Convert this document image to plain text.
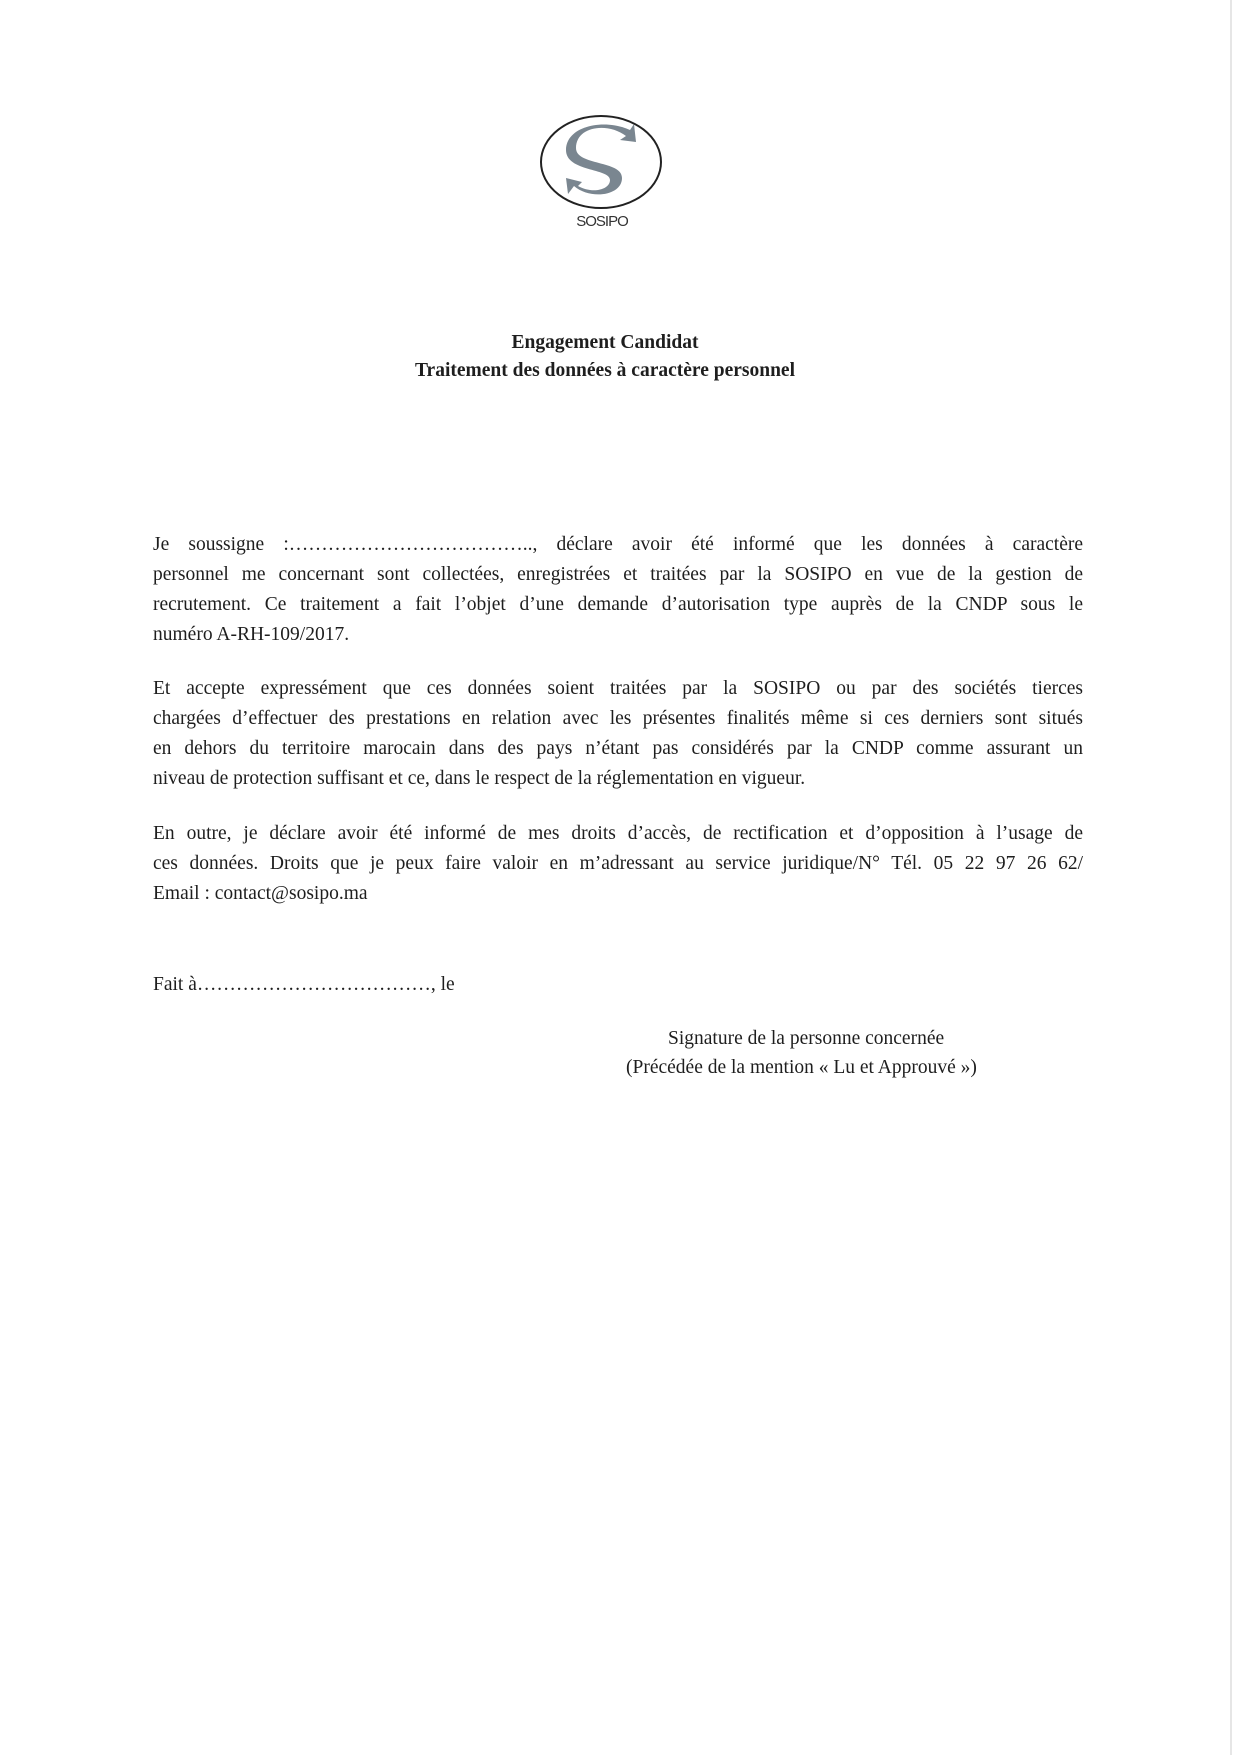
SOSIPO
Engagement Candidat
Traitement des données à caractère personnel
Je soussigne :……………………………….., déclare avoir été informé que les données à caractère
personnel me concernant sont collectées, enregistrées et traitées par la SOSIPO en vue de la gestion de
recrutement. Ce traitement a fait l’objet d’une demande d’autorisation type auprès de la CNDP sous le
numéro A-RH-109/2017.
Et accepte expressément que ces données soient traitées par la SOSIPO ou par des sociétés tierces
chargées d’effectuer des prestations en relation avec les présentes finalités même si ces derniers sont situés
en dehors du territoire marocain dans des pays n’étant pas considérés par la CNDP comme assurant un
niveau de protection suffisant et ce, dans le respect de la réglementation en vigueur.
En outre, je déclare avoir été informé de mes droits d’accès, de rectification et d’opposition à l’usage de
ces données. Droits que je peux faire valoir en m’adressant au service juridique/N° Tél. 05 22 97 26 62/
Email : contact@sosipo.ma
Fait à………………………………, le
Signature de la personne concernée
(Précédée de la mention « Lu et Approuvé »)
